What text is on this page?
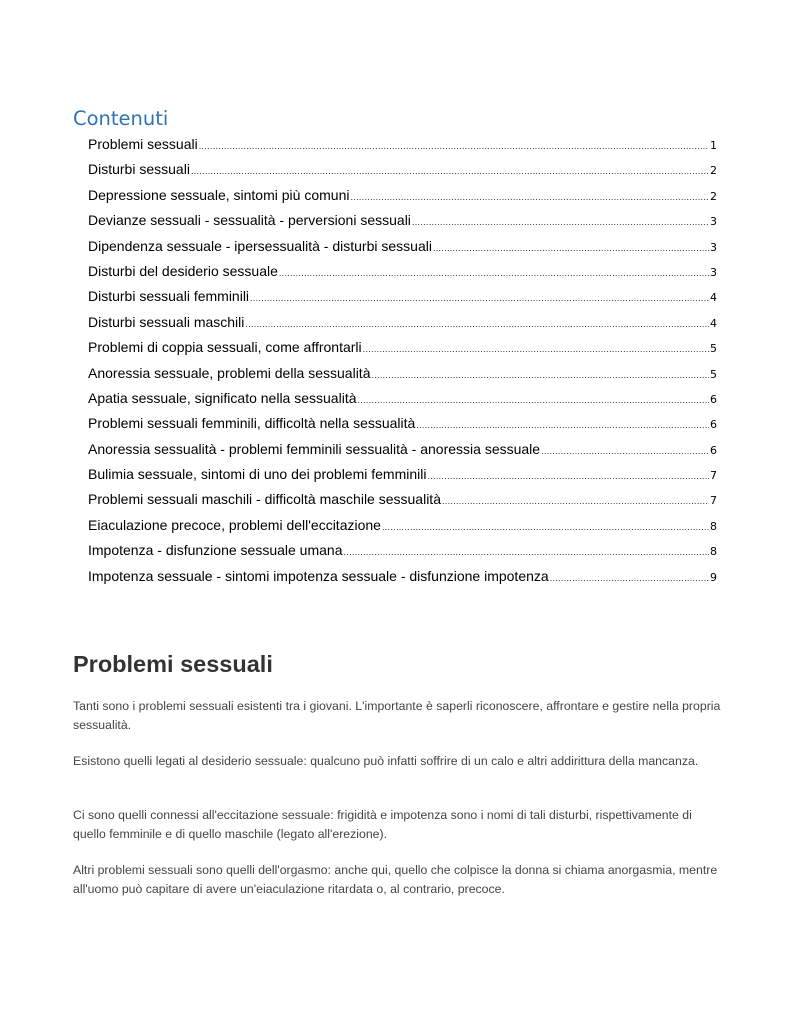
Contenuti
Problemi sessuali .....	1
Disturbi sessuali .....	2
Depressione sessuale, sintomi più comuni .....	2
Devianze sessuali - sessualità - perversioni sessuali .....	3
Dipendenza sessuale - ipersessualità - disturbi sessuali .....	3
Disturbi del desiderio sessuale .....	3
Disturbi sessuali femminili .....	4
Disturbi sessuali maschili .....	4
Problemi di coppia sessuali, come affrontarli .....	5
Anoressia sessuale, problemi della sessualità .....	5
Apatia sessuale, significato nella sessualità .....	6
Problemi sessuali femminili, difficoltà nella sessualità .....	6
Anoressia sessualità - problemi femminili sessualità - anoressia sessuale .....	6
Bulimia sessuale, sintomi di uno dei problemi femminili .....	7
Problemi sessuali maschili - difficoltà maschile sessualità .....	7
Eiaculazione precoce, problemi dell'eccitazione .....	8
Impotenza - disfunzione sessuale umana .....	8
Impotenza sessuale - sintomi impotenza sessuale - disfunzione impotenza .....	9
Problemi sessuali

Tanti sono i problemi sessuali esistenti tra i giovani. L'importante è saperli riconoscere, affrontare e gestire nella propria sessualità.

Esistono quelli legati al desiderio sessuale: qualcuno può infatti soffrire di un calo e altri addirittura della mancanza.

Ci sono quelli connessi all'eccitazione sessuale: frigidità e impotenza sono i nomi di tali disturbi, rispettivamente di quello femminile e di quello maschile (legato all'erezione).

Altri problemi sessuali sono quelli dell'orgasmo: anche qui, quello che colpisce la donna si chiama anorgasmia, mentre all'uomo può capitare di avere un'eiaculazione ritardata o, al contrario, precoce.
